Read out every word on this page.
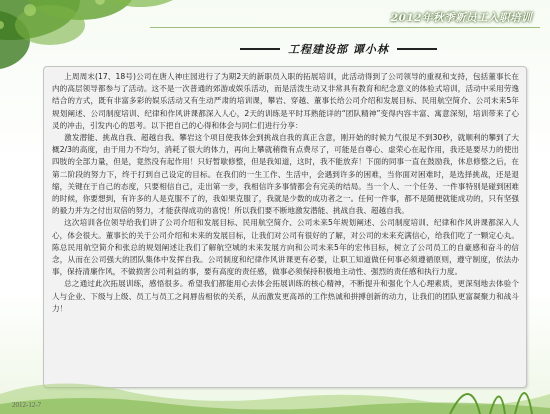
2012年秋季新员工入职培训
工程建设部 谭小林

上周周末(17、18号)公司在唐人神庄园进行了为期2天的新职员入职的拓展培训，此活动得到了公司领导的重视和支持，包括董事长在内的高层领导都参与了活动。这不是一次普通的郊游或娱乐活动，而是活泼生动又非常具有教育和纪念意义的体验式培训，活动中采用劳逸结合的方式，既有非富多彩的娱乐活动又有生动严肃的培训课，攀岩、穿越、董事长给公司介绍和发展目标、民用航空简介、公司未来5年规划阐述、公司制度培训、纪律和作风讲课都深入人心，2天的训练是平时耳熟能详的“团队精神”变得内容丰富、寓意深刻，培训带来了心灵的冲击，引发内心的思考。以下把自己的心得和体会与同仁们进行分享：

激发潜能、挑战自我、超越自我。攀岩这个项目使我体会到挑战自我的真正含意，刚开始的时候力气很足不到30秒，就顺利的攀到了大概2/3的高度，由于用力不均匀，消耗了很大的体力，再向上攀就稍微有点费尽了，可能是自尊心、虚荣心在起作用，我还是要尽力的使出四肢的全部力量，但是，竟然没有起作用！只好暂歇修整，但是我知道，这时，我不能放弃！下面的同事一直在鼓励我，休息修整之后，在第二阶段的努力下，终于打到自己设定的目标。在我们的一生工作、生活中，会遇到许多的困难，当你面对困难时，是选择挑战，还是退缩，关键在于自己的态度，只要相信自己，走出第一步，我相信许多事情都会有完美的结局。当一个人、一个任务、一件事特别是碰到困难的时候，你要想到，有许多的人是克服不了的，我如果克服了，我就是少数的成功者之一。任何一件事，都不是随便就能成功的，只有坚强的毅力并为之付出双倍的努力，才能获得成功的喜悦！所以我们要不断地激发潜能、挑战自我、超越自我。

这次培训各位领导给我们讲了公司介绍和发展目标、民用航空简介、公司未来5年规划阐述、公司制度培训、纪律和作风讲课都深入人心，体会很大。董事长的关于公司介绍和未来的发展目标，让我们对公司有很好的了解，对公司的未来充满信心，给我们吃了一颗定心丸。陈总民用航空简介和张总的规划阐述让我们了解航空城的未来发展方向和公司未来5年的宏伟目标，树立了公司员工的自豪感和奋斗的信念，从而在公司强大的团队集体中发挥自我。公司制度和纪律作风讲课更有必要，让职工知道做任何事必须遵循原则，遵守制度，依法办事，保持清廉作风，不做损害公司利益的事，要有高度的责任感，做事必须保持积极地主动性、强烈的责任感和执行力度。

总之通过此次拓展训练，感悟很多。希望我们都能用心去体会拓展训练的核心精神，不断提升和强化个人心理素质，更深刻地去体验个人与企业、下级与上级、员工与员工之间唇齿相依的关系，从而激发更高昂的工作热诚和拼搏创新的动力，让我们的团队更富凝聚力和战斗力！

2012-12-7
